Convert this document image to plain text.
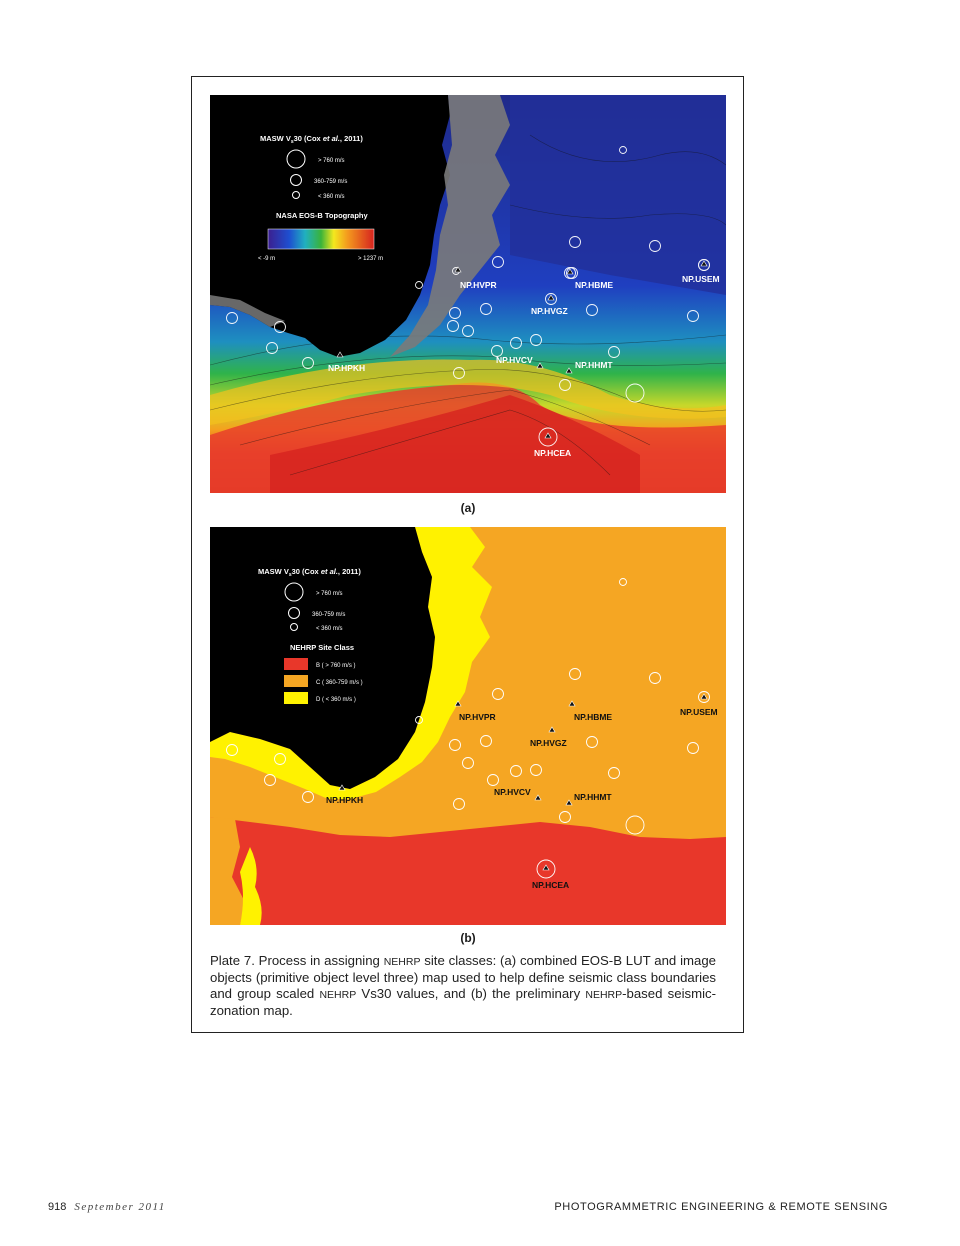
MASW $V_s30$ (Cox et al., 2011)
> 760 m/s
360-759 m/s
< 360 m/s
NASA EOS-B Topography
< -9 m	> 1237 m
NP.HVPR	NP.HBME
NP.USEM
NP.HVGZ
NP.HVCV	NP.HHMT
NP.HPKH
NP.HCEA
(a)
MASW $V_s30$ (Cox et al., 2011)
> 760 m/s
360-759 m/s
< 360 m/s
NEHRP Site Class
B ( > 760 m/s )
C ( 360-759 m/s )
D ( < 360 m/s )
NP.HVPR	NP.HBME	NP.USEM
NP.HVGZ
NP.HVCV	NP.HHMT
NP.HPKH
NP.HCEA
(b)
Plate 7. Process in assigning NEHRP site classes: (a) combined EOS-B LUT and image objects (primitive object level three) map used to help define seismic class boundaries and group scaled NEHRP Vs30 values, and (b) the preliminary NEHRP-based seismic-zonation map.
918 September 2011	PHOTOGRAMMETRIC ENGINEERING & REMOTE SENSING
